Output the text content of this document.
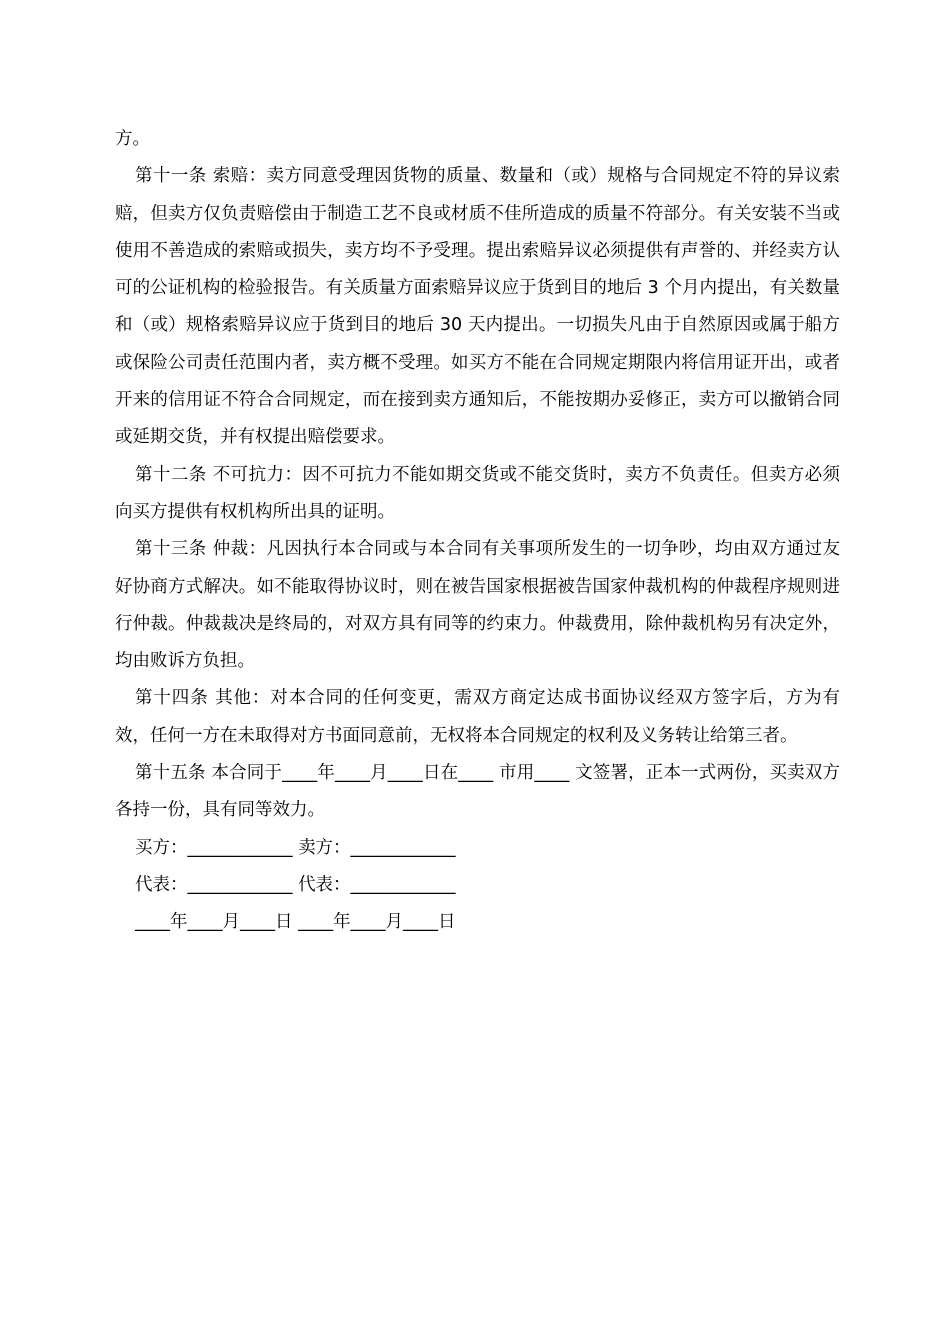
方。

第十一条 索赔：卖方同意受理因货物的质量、数量和（或）规格与合同规定不符的异议索赔，但卖方仅负责赔偿由于制造工艺不良或材质不佳所造成的质量不符部分。有关安装不当或使用不善造成的索赔或损失，卖方均不予受理。提出索赔异议必须提供有声誉的、并经卖方认可的公证机构的检验报告。有关质量方面索赔异议应于货到目的地后 3 个月内提出，有关数量和（或）规格索赔异议应于货到目的地后 30 天内提出。一切损失凡由于自然原因或属于船方或保险公司责任范围内者，卖方概不受理。如买方不能在合同规定期限内将信用证开出，或者开来的信用证不符合合同规定，而在接到卖方通知后，不能按期办妥修正，卖方可以撤销合同或延期交货，并有权提出赔偿要求。

第十二条 不可抗力：因不可抗力不能如期交货或不能交货时，卖方不负责任。但卖方必须向买方提供有权机构所出具的证明。

第十三条 仲裁：凡因执行本合同或与本合同有关事项所发生的一切争吵，均由双方通过友好协商方式解决。如不能取得协议时，则在被告国家根据被告国家仲裁机构的仲裁程序规则进行仲裁。仲裁裁决是终局的，对双方具有同等的约束力。仲裁费用，除仲裁机构另有决定外，均由败诉方负担。

第十四条 其他：对本合同的任何变更，需双方商定达成书面协议经双方签字后，方为有效，任何一方在未取得对方书面同意前，无权将本合同规定的权利及义务转让给第三者。

第十五条 本合同于____年____月____日在____ 市用____ 文签署，正本一式两份，买卖双方各持一份，具有同等效力。

买方：____________ 卖方：____________

代表：____________ 代表：____________

____年____月____日 ____年____月____日
